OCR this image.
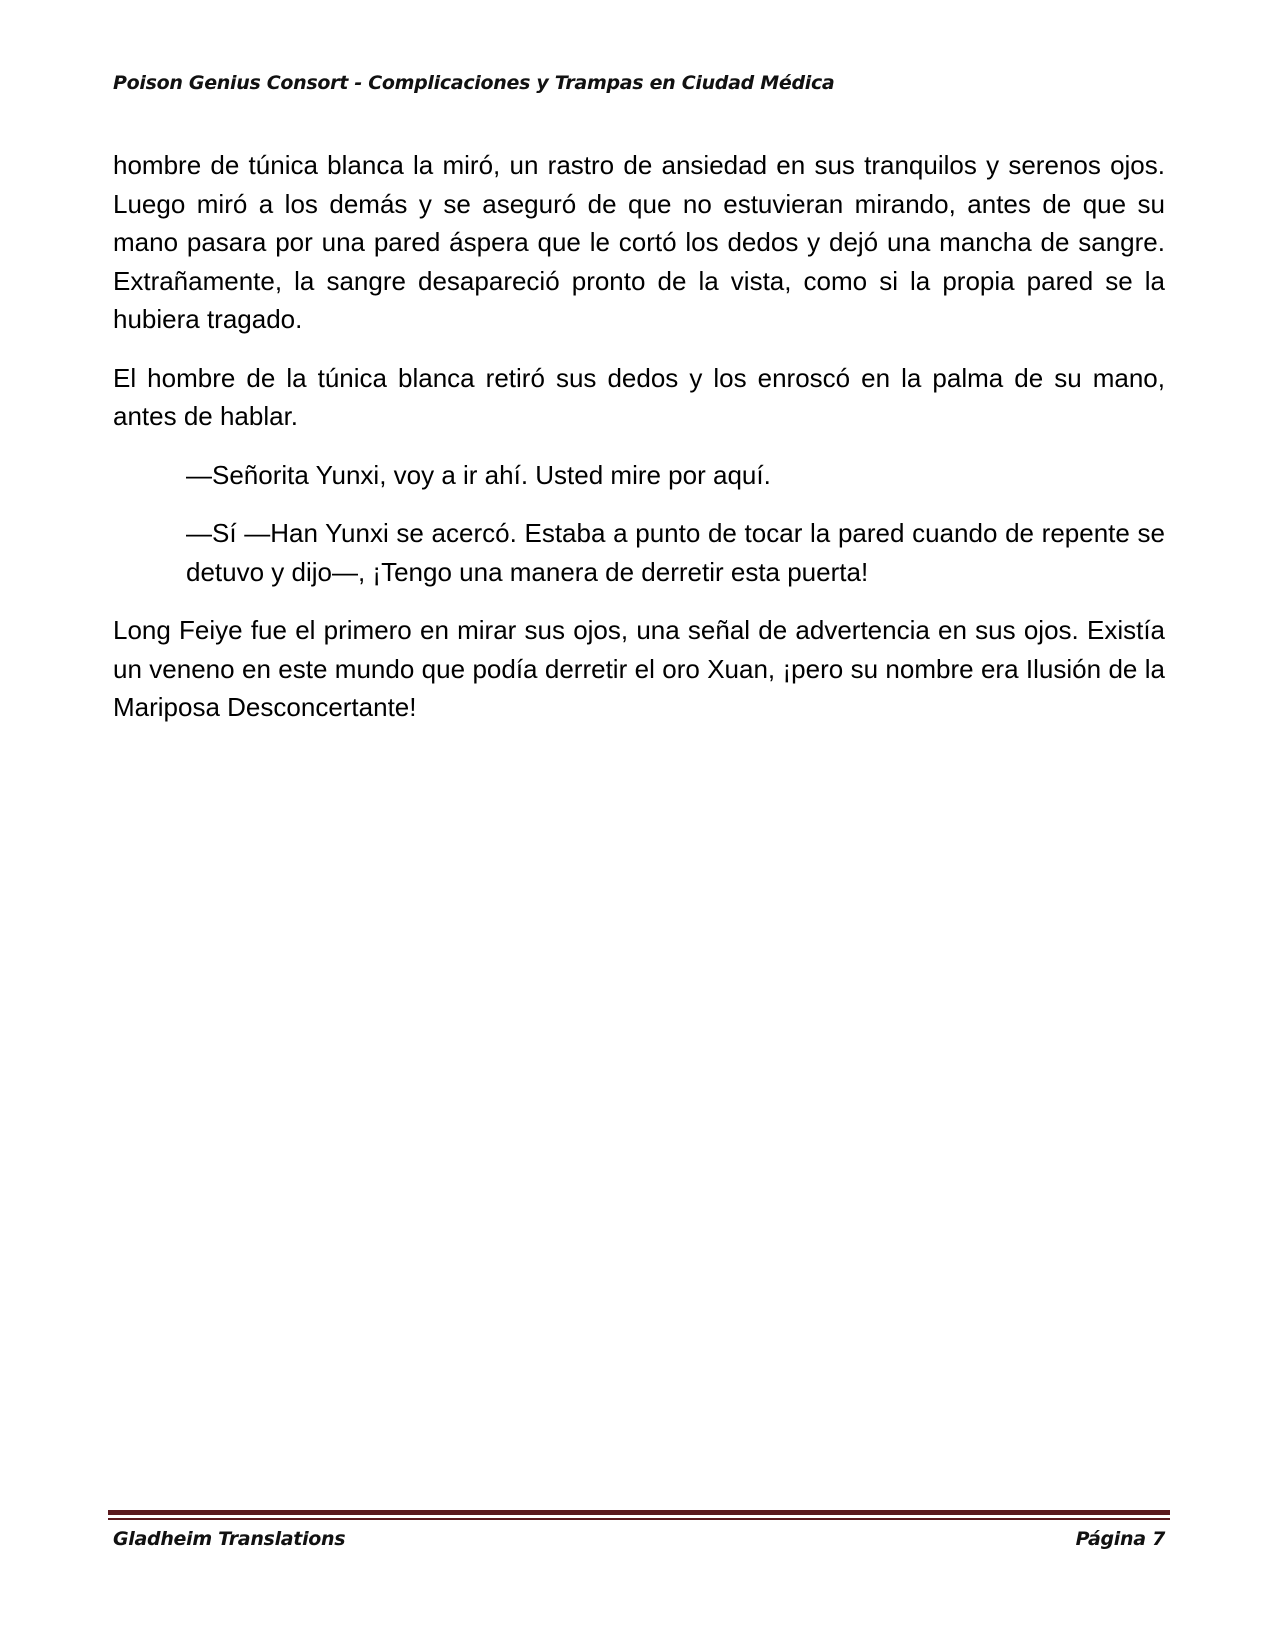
Poison Genius Consort - Complicaciones y Trampas en Ciudad Médica

hombre de túnica blanca la miró, un rastro de ansiedad en sus tranquilos y serenos ojos. Luego miró a los demás y se aseguró de que no estuvieran mirando, antes de que su mano pasara por una pared áspera que le cortó los dedos y dejó una mancha de sangre. Extrañamente, la sangre desapareció pronto de la vista, como si la propia pared se la hubiera tragado.

El hombre de la túnica blanca retiró sus dedos y los enroscó en la palma de su mano, antes de hablar.

—Señorita Yunxi, voy a ir ahí. Usted mire por aquí.

—Sí —Han Yunxi se acercó. Estaba a punto de tocar la pared cuando de repente se detuvo y dijo—, ¡Tengo una manera de derretir esta puerta!

Long Feiye fue el primero en mirar sus ojos, una señal de advertencia en sus ojos. Existía un veneno en este mundo que podía derretir el oro Xuan, ¡pero su nombre era Ilusión de la Mariposa Desconcertante!

Gladheim Translations	Página 7
